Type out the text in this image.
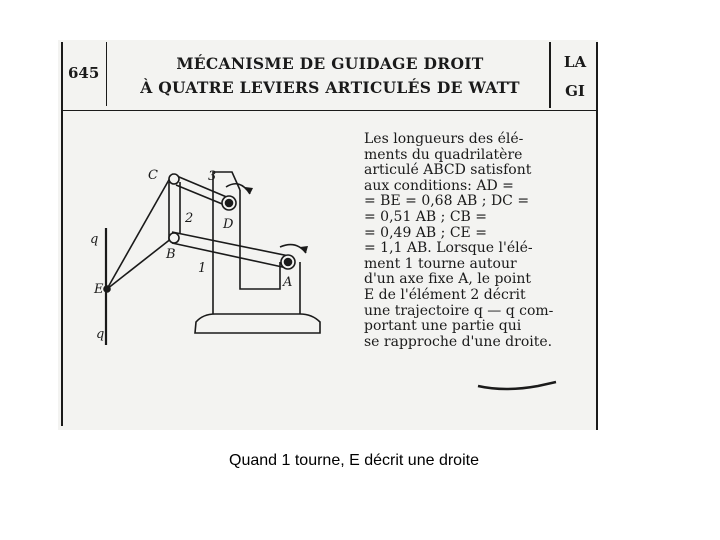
645	MÉCANISME DE GUIDAGE DROIT
À QUATRE LEVIERS ARTICULÉS DE WATT
LA
GI
C	3
2 D
q
B
1
A
E
q
Les longueurs des élé-
ments du quadrilatère
articulé ABCD satisfont
aux conditions: AD =
= BE = 0,68 AB ; DC =
= 0,51 AB ; CB =
= 0,49 AB ; CE =
= 1,1 AB. Lorsque l'élé-
ment 1 tourne autour
d'un axe fixe A, le point
E de l'élément 2 décrit
une trajectoire q — q com-
portant une partie qui
se rapproche d'une droite.
Quand 1 tourne, E décrit une droite
